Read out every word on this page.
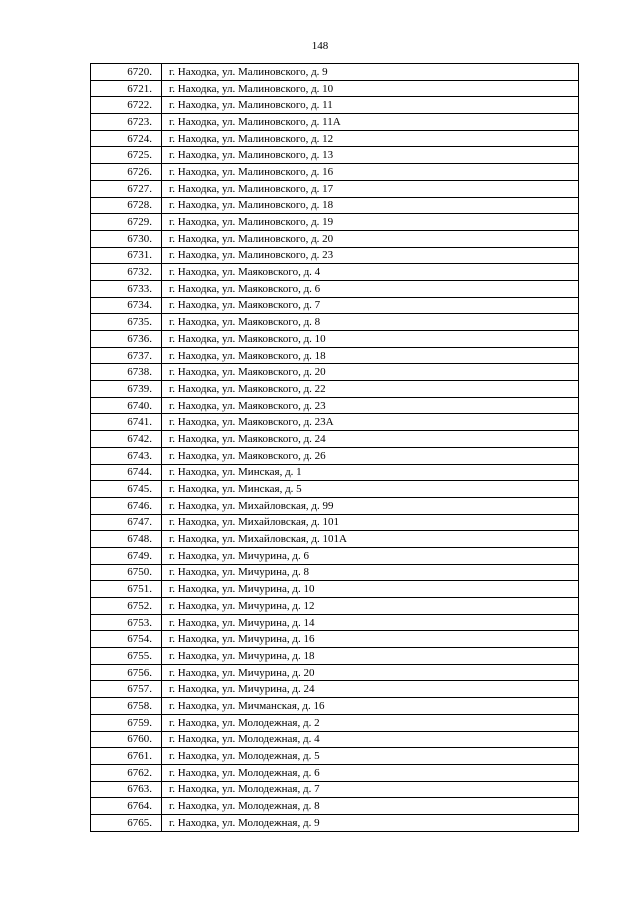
148
6720.	г. Находка, ул. Малиновского, д. 9
6721.	г. Находка, ул. Малиновского, д. 10
6722.	г. Находка, ул. Малиновского, д. 11
6723.	г. Находка, ул. Малиновского, д. 11А
6724.	г. Находка, ул. Малиновского, д. 12
6725.	г. Находка, ул. Малиновского, д. 13
6726.	г. Находка, ул. Малиновского, д. 16
6727.	г. Находка, ул. Малиновского, д. 17
6728.	г. Находка, ул. Малиновского, д. 18
6729.	г. Находка, ул. Малиновского, д. 19
6730.	г. Находка, ул. Малиновского, д. 20
6731.	г. Находка, ул. Малиновского, д. 23
6732.	г. Находка, ул. Маяковского, д. 4
6733.	г. Находка, ул. Маяковского, д. 6
6734.	г. Находка, ул. Маяковского, д. 7
6735.	г. Находка, ул. Маяковского, д. 8
6736.	г. Находка, ул. Маяковского, д. 10
6737.	г. Находка, ул. Маяковского, д. 18
6738.	г. Находка, ул. Маяковского, д. 20
6739.	г. Находка, ул. Маяковского, д. 22
6740.	г. Находка, ул. Маяковского, д. 23
6741.	г. Находка, ул. Маяковского, д. 23А
6742.	г. Находка, ул. Маяковского, д. 24
6743.	г. Находка, ул. Маяковского, д. 26
6744.	г. Находка, ул. Минская, д. 1
6745.	г. Находка, ул. Минская, д. 5
6746.	г. Находка, ул. Михайловская, д. 99
6747.	г. Находка, ул. Михайловская, д. 101
6748.	г. Находка, ул. Михайловская, д. 101А
6749.	г. Находка, ул. Мичурина, д. 6
6750.	г. Находка, ул. Мичурина, д. 8
6751.	г. Находка, ул. Мичурина, д. 10
6752.	г. Находка, ул. Мичурина, д. 12
6753.	г. Находка, ул. Мичурина, д. 14
6754.	г. Находка, ул. Мичурина, д. 16
6755.	г. Находка, ул. Мичурина, д. 18
6756.	г. Находка, ул. Мичурина, д. 20
6757.	г. Находка, ул. Мичурина, д. 24
6758.	г. Находка, ул. Мичманская, д. 16
6759.	г. Находка, ул. Молодежная, д. 2
6760.	г. Находка, ул. Молодежная, д. 4
6761.	г. Находка, ул. Молодежная, д. 5
6762.	г. Находка, ул. Молодежная, д. 6
6763.	г. Находка, ул. Молодежная, д. 7
6764.	г. Находка, ул. Молодежная, д. 8
6765.	г. Находка, ул. Молодежная, д. 9
